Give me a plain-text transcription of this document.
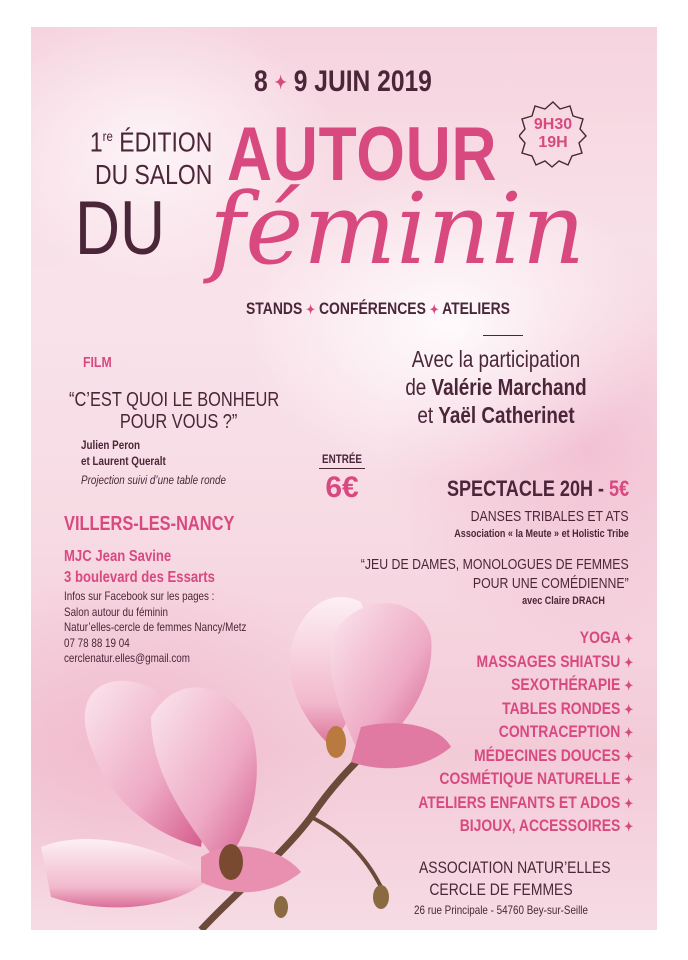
8 ✦ 9 JUIN 2019
9H30
19H
1re ÉDITION
DU SALON AUTOUR
DU féminin
STANDS ✦ CONFÉRENCES ✦ ATELIERS
Avec la participation
de Valérie Marchand
et Yaël Catherinet
FILM
“C’EST QUOI LE BONHEUR
POUR VOUS ?”
Julien Peron
et Laurent Queralt
Projection suivi d’une table ronde
ENTRÉE
6€	SPECTACLE 20H - 5€
DANSES TRIBALES ET ATS
Association « la Meute » et Holistic Tribe
“JEU DE DAMES, MONOLOGUES DE FEMMES
POUR UNE COMÉDIENNE”
avec Claire DRACH
VILLERS-LES-NANCY
MJC Jean Savine
3 boulevard des Essarts
Infos sur Facebook sur les pages :
Salon autour du féminin
Natur’elles-cercle de femmes Nancy/Metz
07 78 88 19 04
cerclenatur.elles@gmail.com
YOGA ✦
MASSAGES SHIATSU ✦
SEXOTHÉRAPIE ✦
TABLES RONDES ✦
CONTRACEPTION ✦
MÉDECINES DOUCES ✦
COSMÉTIQUE NATURELLE ✦
ATELIERS ENFANTS ET ADOS ✦
BIJOUX, ACCESSOIRES ✦
ASSOCIATION NATUR’ELLES
CERCLE DE FEMMES
26 rue Principale - 54760 Bey-sur-Seille
